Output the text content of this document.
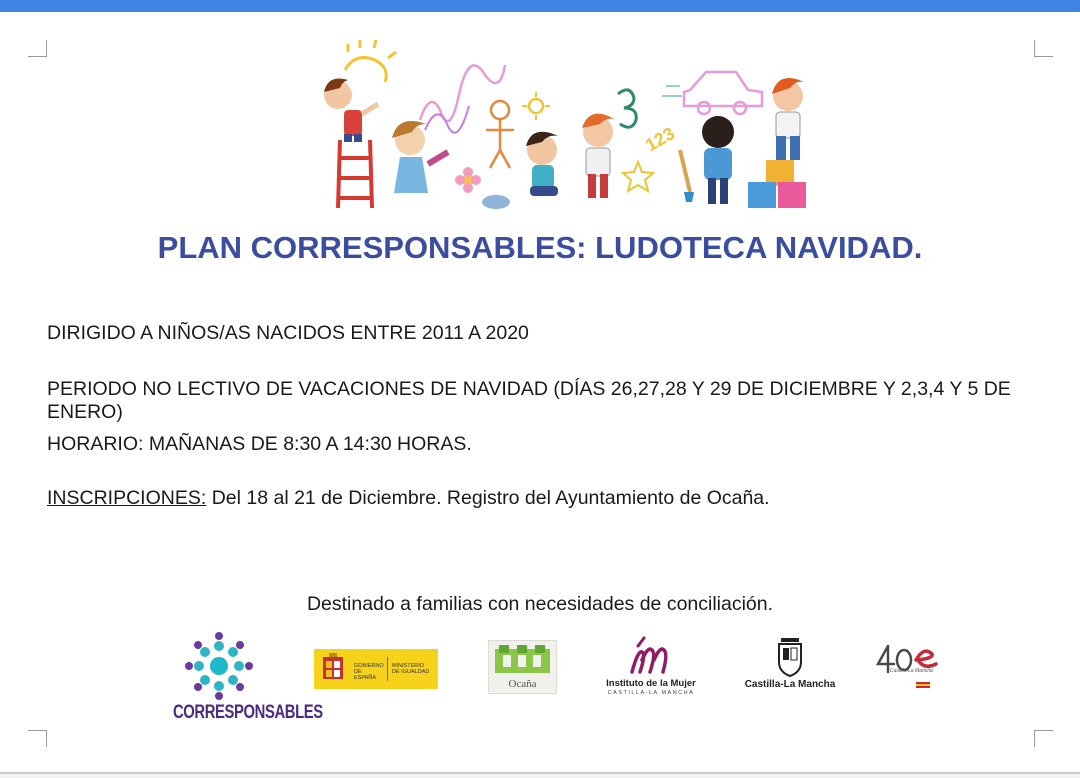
123
PLAN CORRESPONSABLES: LUDOTECA NAVIDAD.
DIRIGIDO A NIÑOS/AS NACIDOS ENTRE 2011 A 2020
PERIODO NO LECTIVO DE VACACIONES DE NAVIDAD (DÍAS 26,27,28 Y 29 DE DICIEMBRE Y 2,3,4 Y 5 DE ENERO)
HORARIO: MAÑANAS DE 8:30 A 14:30 HORAS.
INSCRIPCIONES: Del 18 al 21 de Diciembre. Registro del Ayuntamiento de Ocaña.
Destinado a familias con necesidades de conciliación.
CORRESPONSABLES
GOBIERNO DE ESPAÑA
MINISTERIO DE IGUALDAD
Ocaña	Instituto de la Mujer
CASTILLA-LA MANCHA
Castilla-La Mancha
Castilla-La Mancha
